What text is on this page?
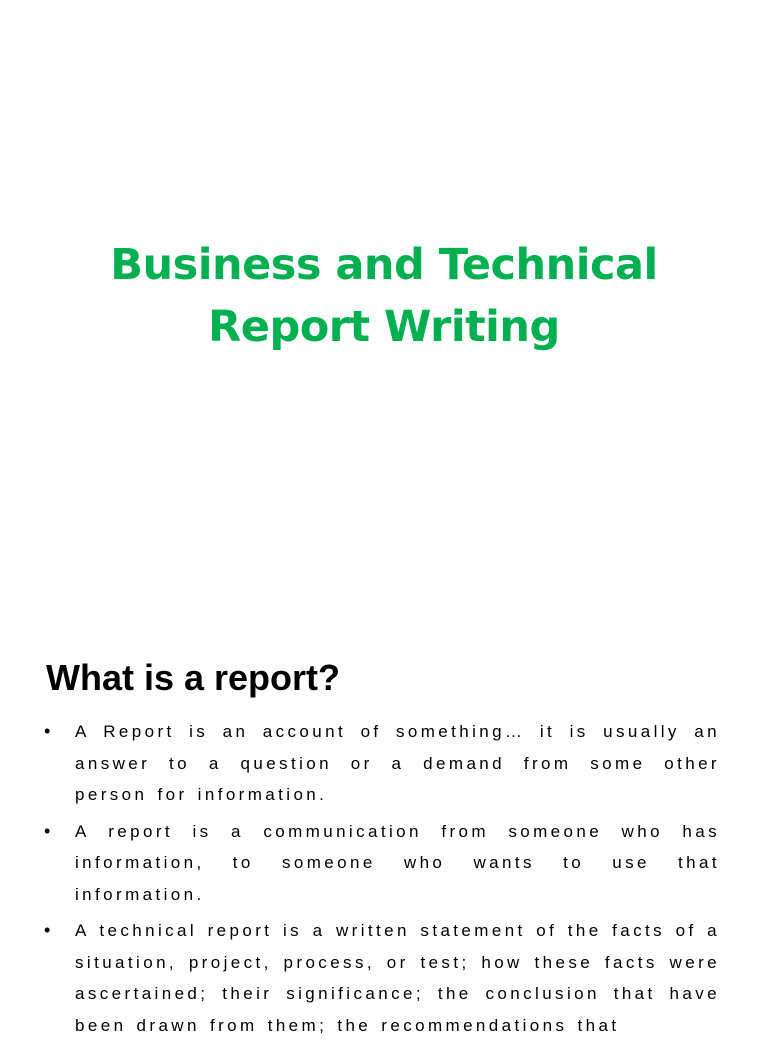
Business and Technical
Report Writing
What is a report?
• A Report is an account of something… it is usually an answer to a question or a demand from some other person for information.
• A report is a communication from someone who has information, to someone who wants to use that information.
• A technical report is a written statement of the facts of a situation, project, process, or test; how these facts were ascertained; their significance; the conclusion that have been drawn from them; the recommendations that
